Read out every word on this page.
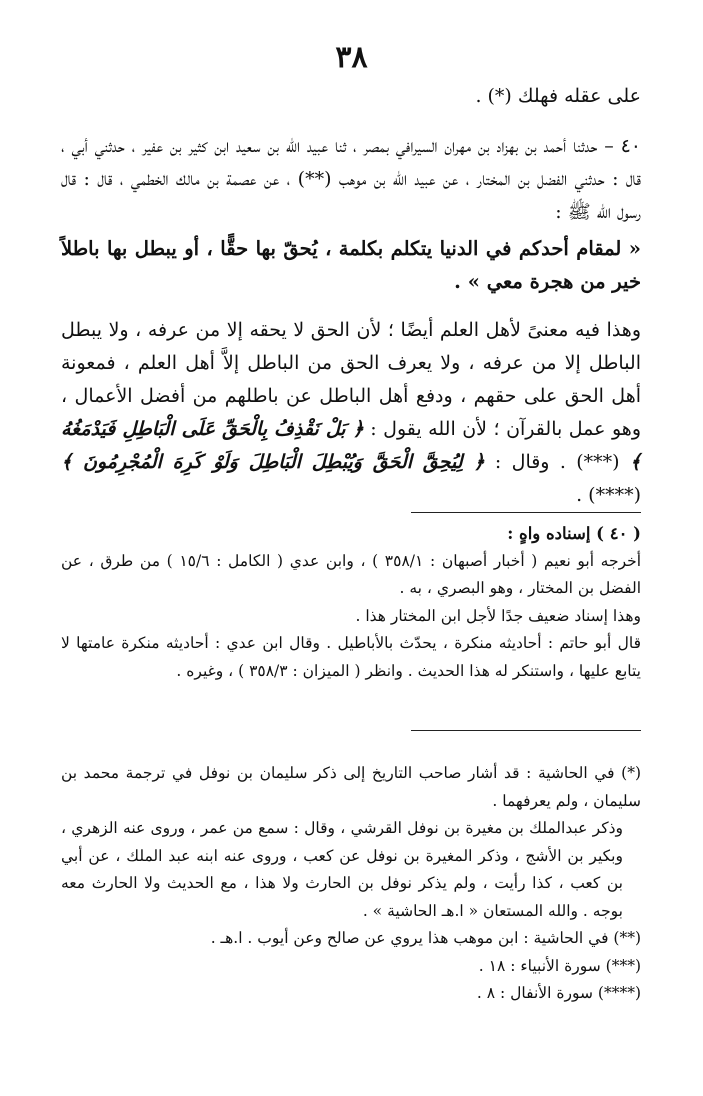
٣٨

على عقله فهلك (*) .

٤٠ – حدثنا أحمد بن بهزاد بن مهران السيرافي بمصر ، ثنا عبيد الله بن سعيد ابن كثير بن عفير ، حدثني أبي ، قال : حدثني الفضل بن المختار ، عن عبيد الله بن موهب (**) ، عن عصمة بن مالك الخطمي ، قال : قال رسول الله ﷺ :

« لمقام أحدكم في الدنيا يتكلم بكلمة ، يُحقّ بها حقًّا ، أو يبطل بها باطلاً خير من هجرة معي » .

وهذا فيه معنىً لأهل العلم أيضًا ؛ لأن الحق لا يحقه إلا من عرفه ، ولا يبطل الباطل إلا من عرفه ، ولا يعرف الحق من الباطل إلاَّ أهل العلم ، فمعونة أهل الحق على حقهم ، ودفع أهل الباطل عن باطلهم من أفضل الأعمال ، وهو عمل بالقرآن ؛ لأن الله يقول : ﴿ بَلْ نَقْذِفُ بِالْحَقِّ عَلَى الْبَاطِلِ فَيَدْمَغُهُ ﴾ (***) . وقال : ﴿ لِيُحِقَّ الْحَقَّ وَيُبْطِلَ الْبَاطِلَ وَلَوْ كَرِهَ الْمُجْرِمُونَ ﴾ (****) .

( ٤٠ ) إسناده واهٍ :

أخرجه أبو نعيم ( أخبار أصبهان : ٣٥٨/١ ) ، وابن عدي ( الكامل : ١٥/٦ ) من طرق ، عن الفضل بن المختار ، وهو البصري ، به .

وهذا إسناد ضعيف جدًا لأجل ابن المختار هذا .

قال أبو حاتم : أحاديثه منكرة ، يحدّث بالأباطيل . وقال ابن عدي : أحاديثه منكرة عامتها لا يتابع عليها ، واستنكر له هذا الحديث . وانظر ( الميزان : ٣٥٨/٣ ) ، وغيره .

(*) في الحاشية : قد أشار صاحب التاريخ إلى ذكر سليمان بن نوفل في ترجمة محمد بن سليمان ، ولم يعرفهما .

وذكر عبدالملك بن مغيرة بن نوفل القرشي ، وقال : سمع من عمر ، وروى عنه الزهري ، وبكير بن الأشج ، وذكر المغيرة بن نوفل عن كعب ، وروى عنه ابنه عبد الملك ، عن أبي بن كعب ، كذا رأيت ، ولم يذكر نوفل بن الحارث ولا هذا ، مع الحديث ولا الحارث معه بوجه . والله المستعان « ا.هـ الحاشية » .

(**) في الحاشية : ابن موهب هذا يروي عن صالح وعن أيوب . ا.هـ .

(***) سورة الأنبياء : ١٨ .

(****) سورة الأنفال : ٨ .
